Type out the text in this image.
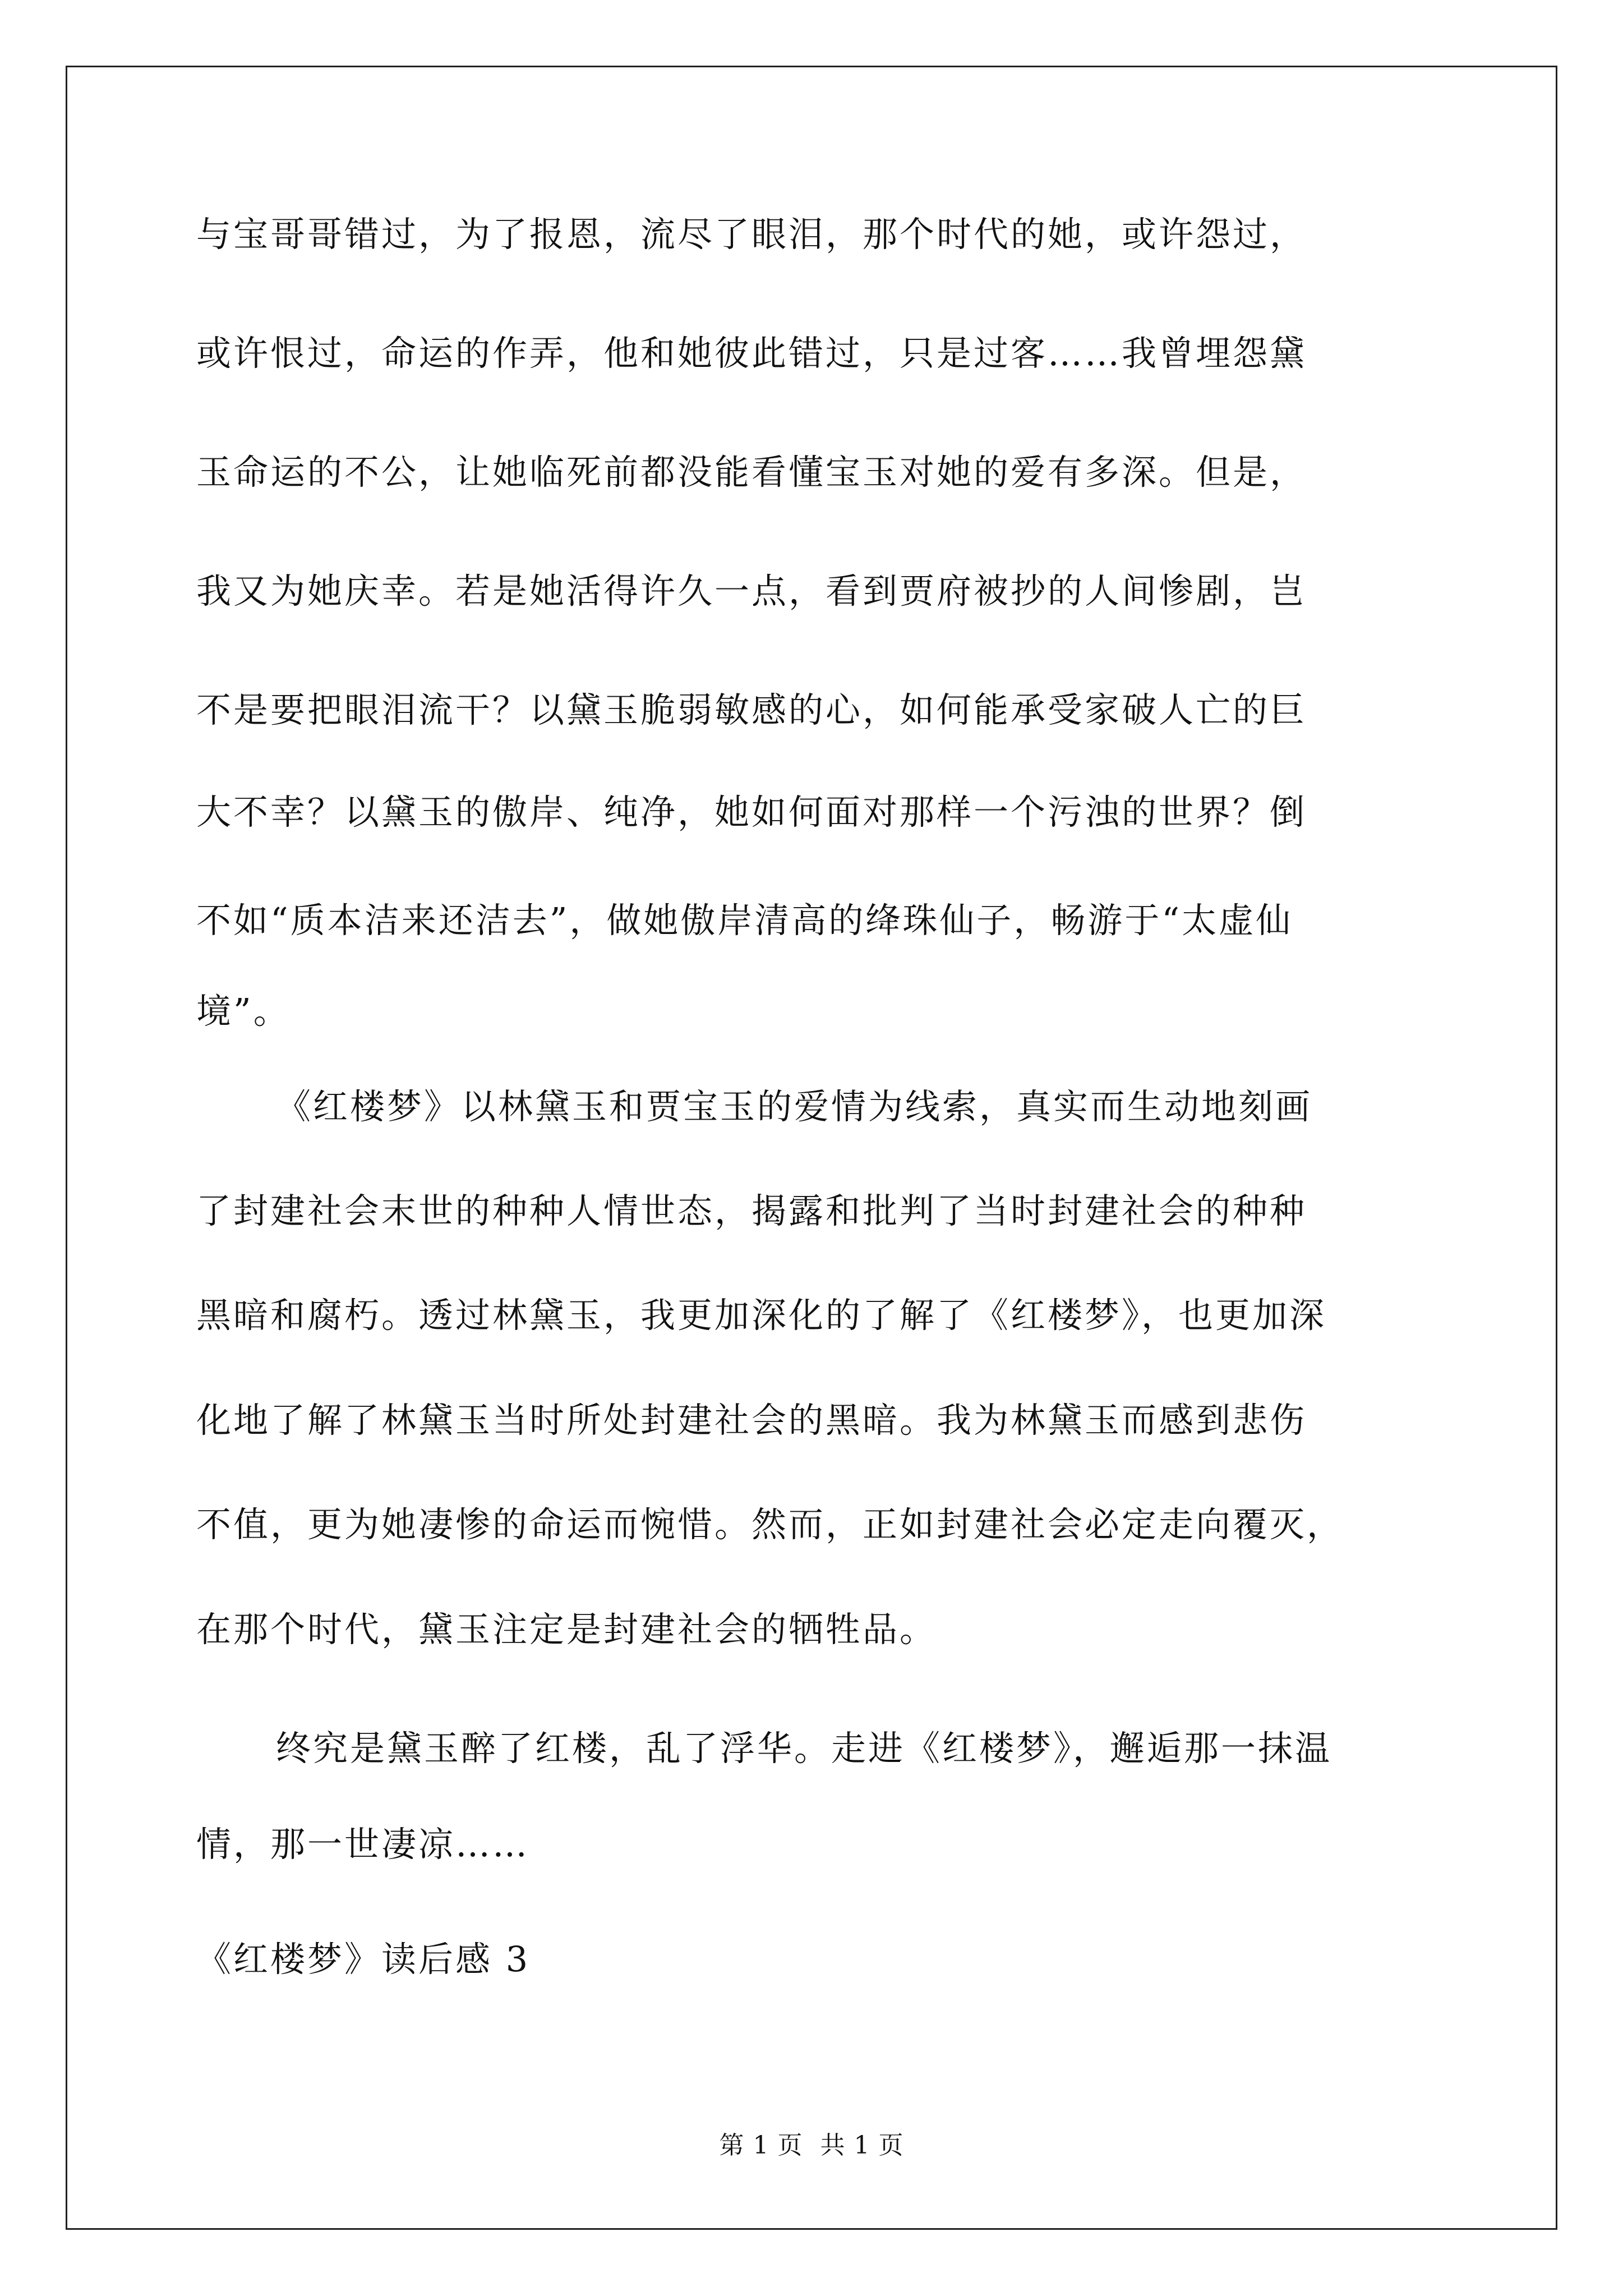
与宝哥哥错过，为了报恩，流尽了眼泪，那个时代的她，或许怨过，
或许恨过，命运的作弄，他和她彼此错过，只是过客……我曾埋怨黛
玉命运的不公，让她临死前都没能看懂宝玉对她的爱有多深。但是，
我又为她庆幸。若是她活得许久一点，看到贾府被抄的人间惨剧，岂
不是要把眼泪流干？以黛玉脆弱敏感的心，如何能承受家破人亡的巨
大不幸？以黛玉的傲岸、纯净，她如何面对那样一个污浊的世界？倒
不如“质本洁来还洁去”，做她傲岸清高的绛珠仙子，畅游于“太虚仙
境”。
《红楼梦》以林黛玉和贾宝玉的爱情为线索，真实而生动地刻画
了封建社会末世的种种人情世态，揭露和批判了当时封建社会的种种
黑暗和腐朽。透过林黛玉，我更加深化的了解了《红楼梦》，也更加深
化地了解了林黛玉当时所处封建社会的黑暗。我为林黛玉而感到悲伤
不值，更为她凄惨的命运而惋惜。然而，正如封建社会必定走向覆灭，
在那个时代，黛玉注定是封建社会的牺牲品。
终究是黛玉醉了红楼，乱了浮华。走进《红楼梦》，邂逅那一抹温
情，那一世凄凉……
《红楼梦》读后感 3
第 1 页 共 1 页
